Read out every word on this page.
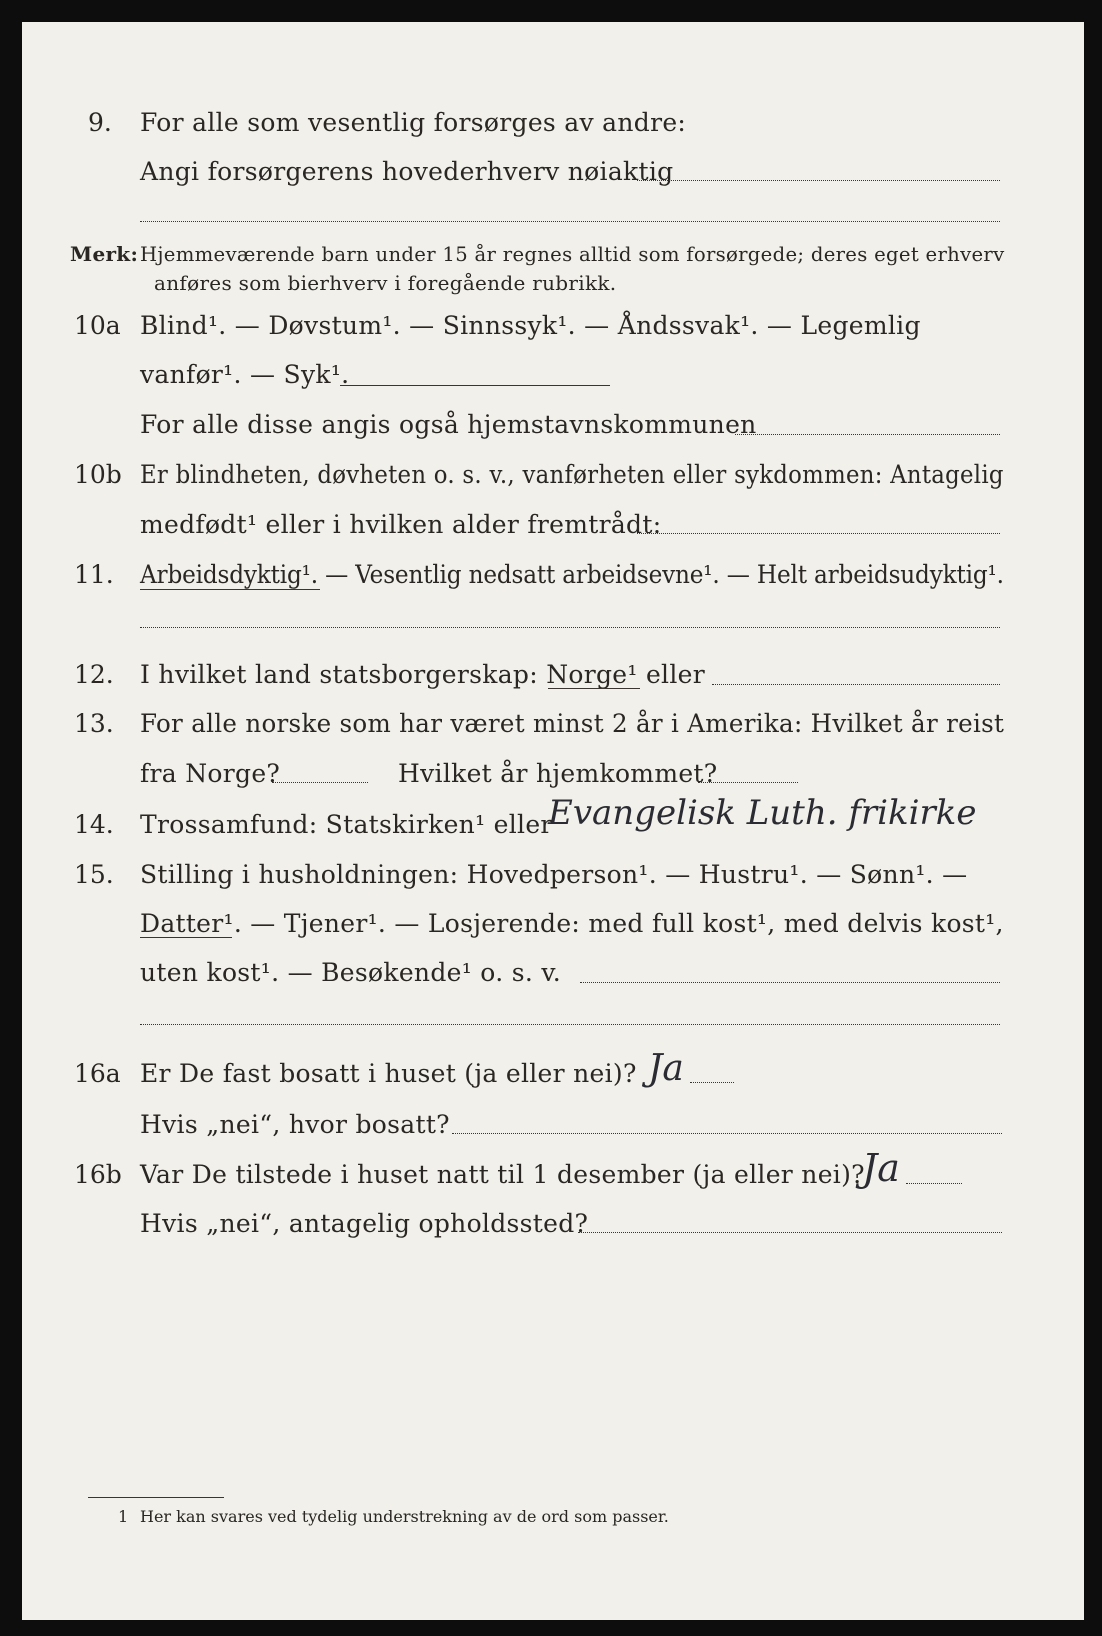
9. For alle som vesentlig forsørges av andre:
Angi forsørgerens hovederhverv nøiaktig
Merk: Hjemmeværende barn under 15 år regnes alltid som forsørgede; deres eget erhverv
anføres som bierhverv i foregående rubrikk.
10a Blind¹. — Døvstum¹. — Sinnssyk¹. — Åndssvak¹. — Legemlig
vanfør¹. — Syk¹.
For alle disse angis også hjemstavnskommunen
10b Er blindheten, døvheten o. s. v., vanførheten eller sykdommen: Antagelig
medfødt¹ eller i hvilken alder fremtrådt:
11. Arbeidsdyktig¹. — Vesentlig nedsatt arbeidsevne¹. — Helt arbeidsudyktig¹.
12. I hvilket land statsborgerskap: Norge¹ eller
13. For alle norske som har været minst 2 år i Amerika: Hvilket år reist
fra Norge?	Hvilket år hjemkommet?
14. Trossamfund: Statskirken¹ eller
Evangelisk Luth. frikirke
15. Stilling i husholdningen: Hovedperson¹. — Hustru¹. — Sønn¹. —
Datter¹. — Tjener¹. — Losjerende: med full kost¹, med delvis kost¹,
uten kost¹. — Besøkende¹ o. s. v.
16a Er De fast bosatt i huset (ja eller nei)? Ja
Hvis „nei“, hvor bosatt?
16b Var De tilstede i huset natt til 1 desember (ja eller nei)?
Ja
Hvis „nei“, antagelig opholdssted?
1 Her kan svares ved tydelig understrekning av de ord som passer.
